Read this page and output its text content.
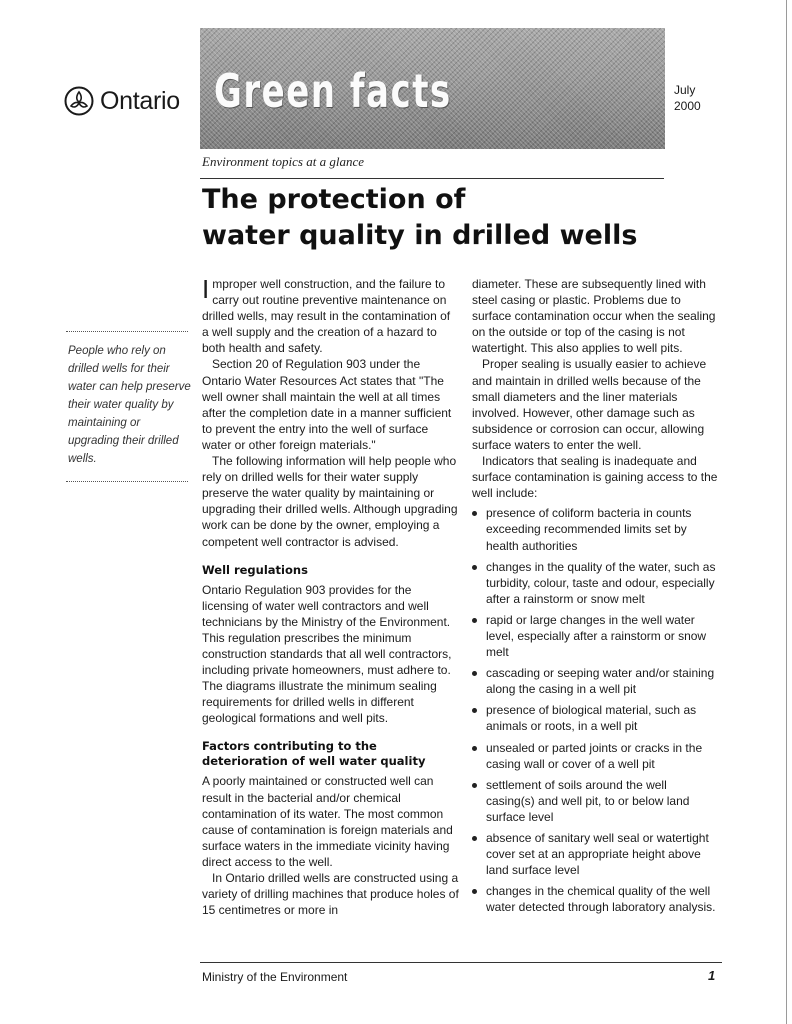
Ontario Green facts	July
2000
Environment topics at a glance
The protection of
water quality in drilled wells
People who rely on drilled wells for their water can help preserve their water quality by maintaining or upgrading their drilled wells.

Improper well construction, and the failure to carry out routine preventive maintenance on drilled wells, may result in the contamination of a well supply and the creation of a hazard to both health and safety.

Section 20 of Regulation 903 under the Ontario Water Resources Act states that "The well owner shall maintain the well at all times after the completion date in a manner sufficient to prevent the entry into the well of surface water or other foreign materials."

The following information will help people who rely on drilled wells for their water supply preserve the water quality by maintaining or upgrading their drilled wells. Although upgrading work can be done by the owner, employing a competent well contractor is advised.

Well regulations

Ontario Regulation 903 provides for the licensing of water well contractors and well technicians by the Ministry of the Environment. This regulation prescribes the minimum construction standards that all well contractors, including private homeowners, must adhere to. The diagrams illustrate the minimum sealing requirements for drilled wells in different geological formations and well pits.

Factors contributing to the deterioration of well water quality

A poorly maintained or constructed well can result in the bacterial and/or chemical contamination of its water. The most common cause of contamination is foreign materials and surface waters in the immediate vicinity having direct access to the well.

In Ontario drilled wells are constructed using a variety of drilling machines that produce holes of 15 centimetres or more in

diameter. These are subsequently lined with steel casing or plastic. Problems due to surface contamination occur when the sealing on the outside or top of the casing is not watertight. This also applies to well pits.

Proper sealing is usually easier to achieve and maintain in drilled wells because of the small diameters and the liner materials involved. However, other damage such as subsidence or corrosion can occur, allowing surface waters to enter the well.

Indicators that sealing is inadequate and surface contamination is gaining access to the well include:

presence of coliform bacteria in counts exceeding recommended limits set by health authorities
changes in the quality of the water, such as turbidity, colour, taste and odour, especially after a rainstorm or snow melt
rapid or large changes in the well water level, especially after a rainstorm or snow melt
cascading or seeping water and/or staining along the casing in a well pit
presence of biological material, such as animals or roots, in a well pit
unsealed or parted joints or cracks in the casing wall or cover of a well pit
settlement of soils around the well casing(s) and well pit, to or below land surface level
absence of sanitary well seal or watertight cover set at an appropriate height above land surface level
changes in the chemical quality of the well water detected through laboratory analysis.
Ministry of the Environment	1
